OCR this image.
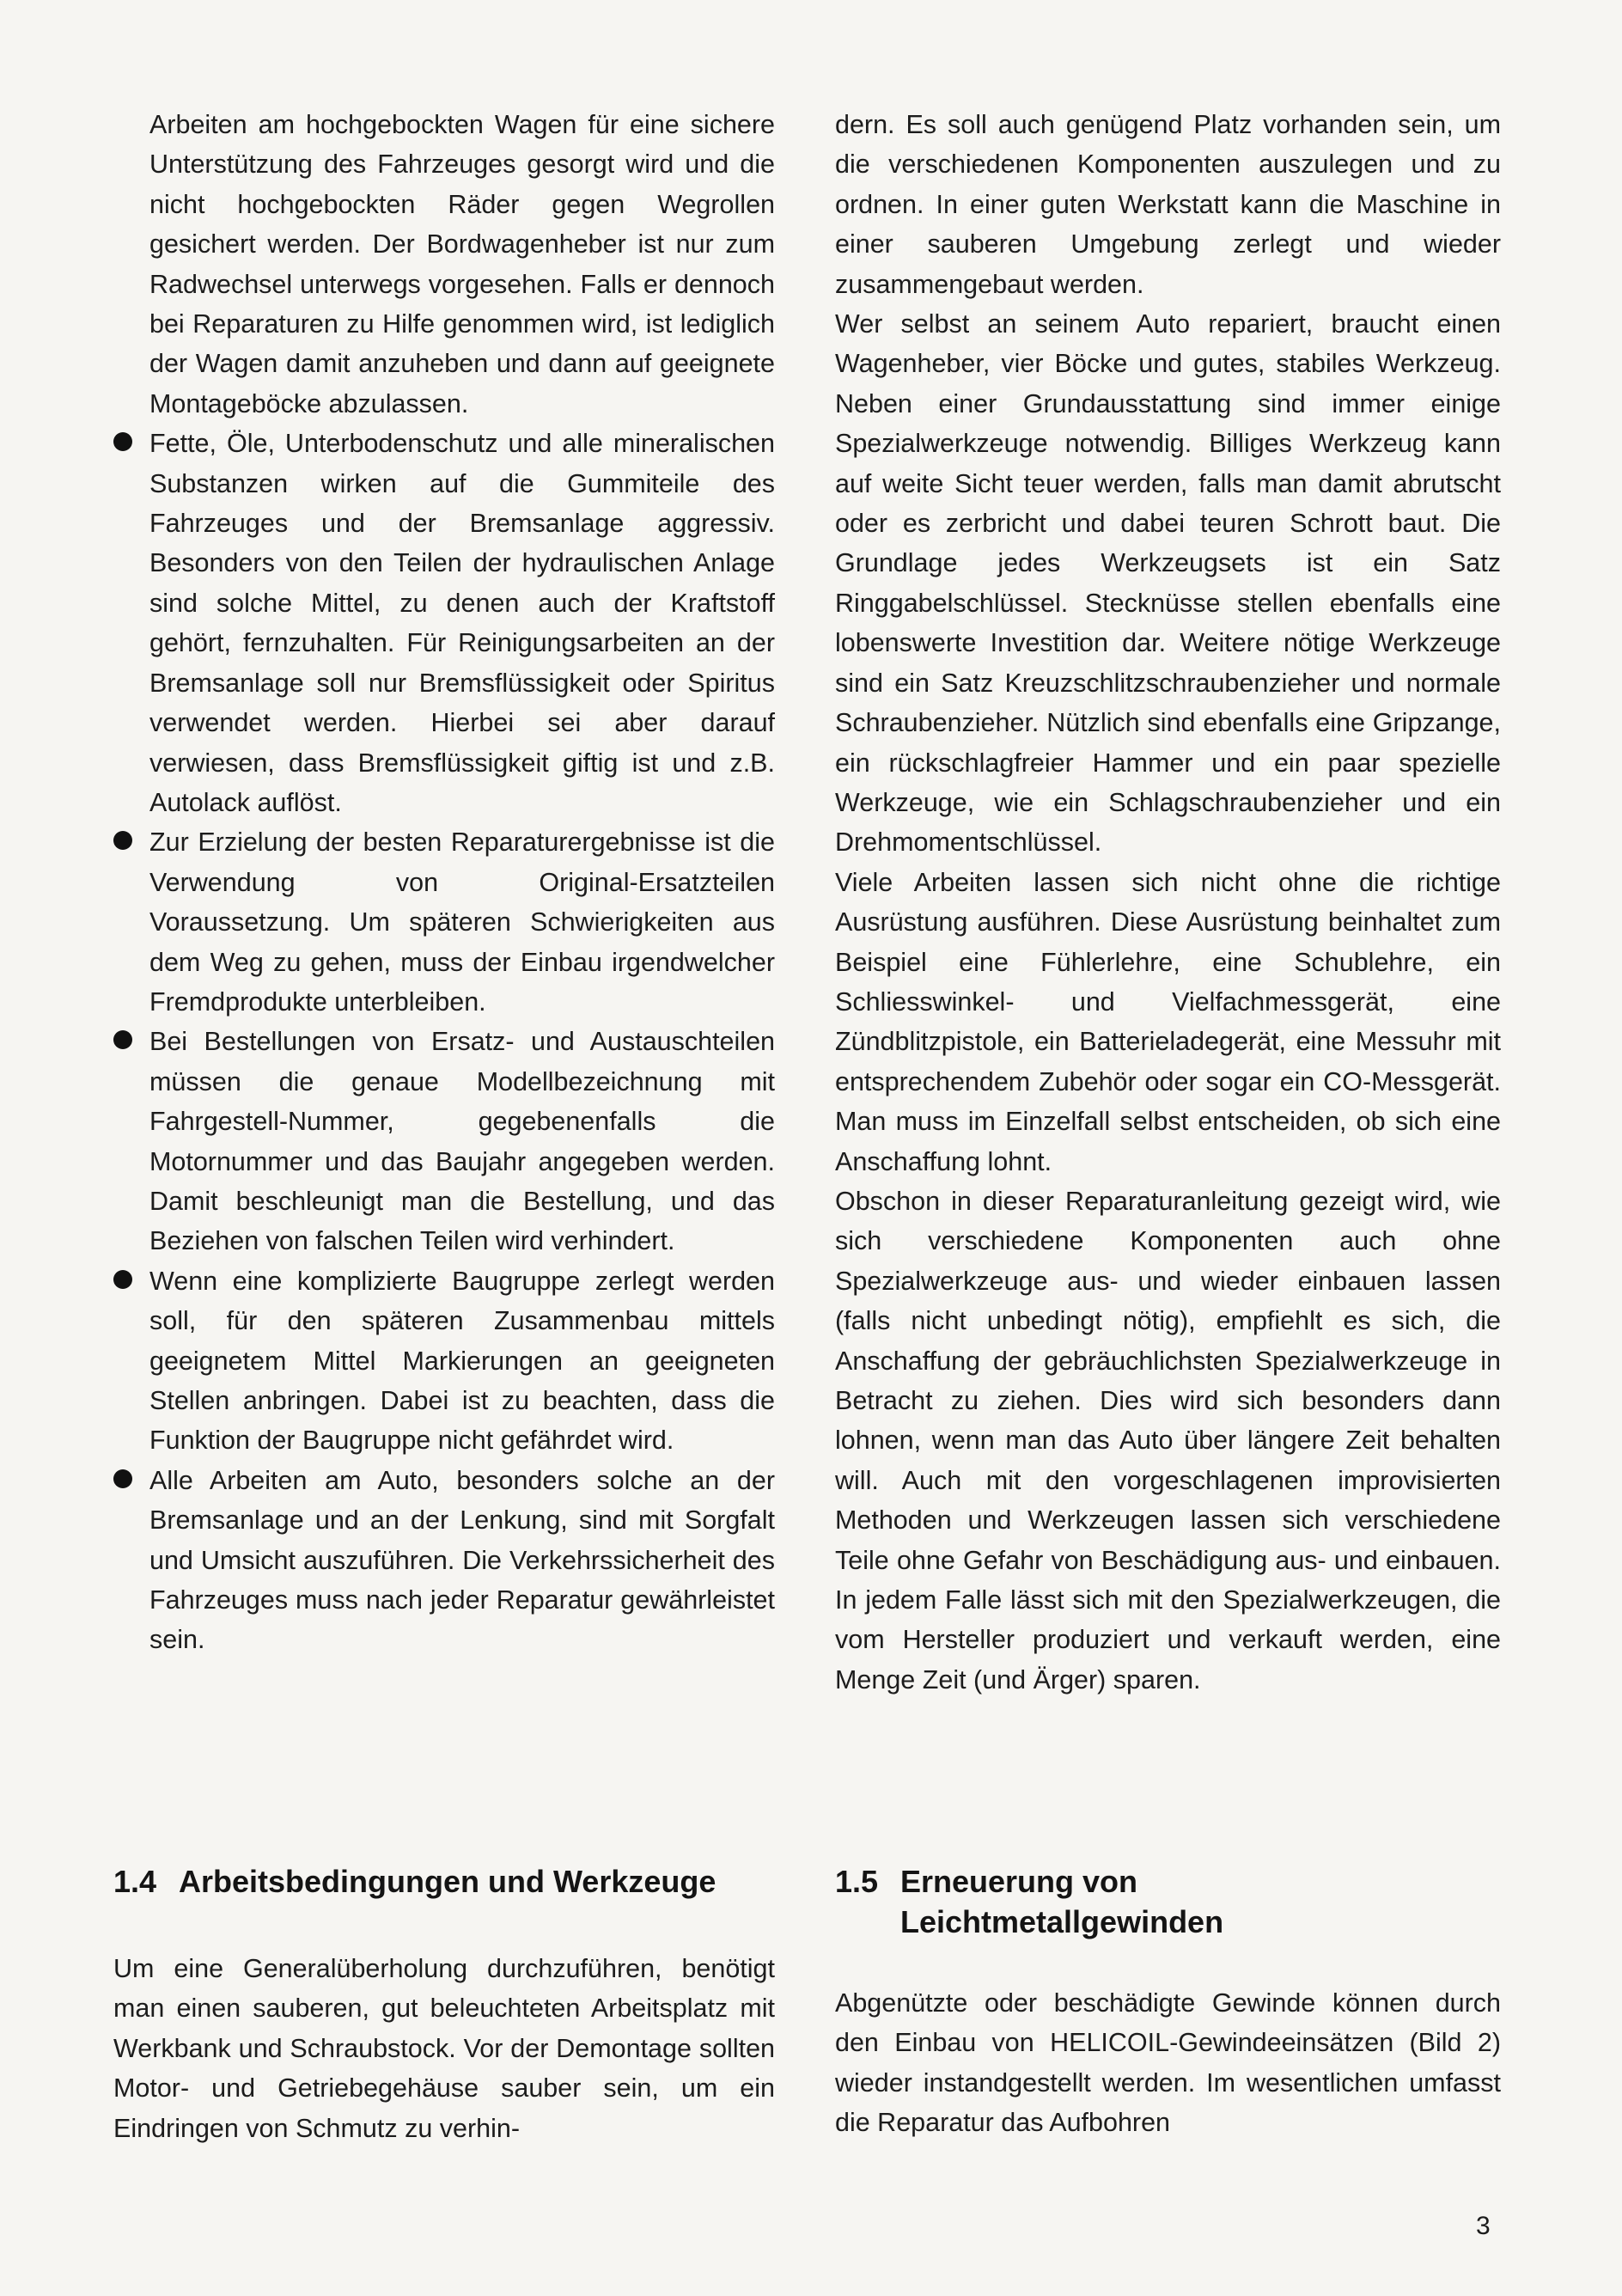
Arbeiten am hochgebockten Wagen für eine sichere Unterstützung des Fahrzeuges gesorgt wird und die nicht hochgebockten Räder gegen Wegrollen gesichert werden. Der Bordwagenheber ist nur zum Radwechsel unterwegs vorgesehen. Falls er dennoch bei Reparaturen zu Hilfe genommen wird, ist lediglich der Wagen damit anzuheben und dann auf geeignete Montageböcke abzulassen.

Fette, Öle, Unterbodenschutz und alle mineralischen Substanzen wirken auf die Gummiteile des Fahrzeuges und der Bremsanlage aggressiv. Besonders von den Teilen der hydraulischen Anlage sind solche Mittel, zu denen auch der Kraftstoff gehört, fernzuhalten. Für Reinigungsarbeiten an der Bremsanlage soll nur Bremsflüssigkeit oder Spiritus verwendet werden. Hierbei sei aber darauf verwiesen, dass Bremsflüssigkeit giftig ist und z.B. Autolack auflöst.
Zur Erzielung der besten Reparaturergebnisse ist die Verwendung von Original-Ersatzteilen Voraussetzung. Um späteren Schwierigkeiten aus dem Weg zu gehen, muss der Einbau irgendwelcher Fremdprodukte unterbleiben.
Bei Bestellungen von Ersatz- und Austauschteilen müssen die genaue Modellbezeichnung mit Fahrgestell-Nummer, gegebenenfalls die Motornummer und das Baujahr angegeben werden. Damit beschleunigt man die Bestellung, und das Beziehen von falschen Teilen wird verhindert.
Wenn eine komplizierte Baugruppe zerlegt werden soll, für den späteren Zusammenbau mittels geeignetem Mittel Markierungen an geeigneten Stellen anbringen. Dabei ist zu beachten, dass die Funktion der Baugruppe nicht gefährdet wird.
Alle Arbeiten am Auto, besonders solche an der Bremsanlage und an der Lenkung, sind mit Sorgfalt und Umsicht auszuführen. Die Verkehrssicherheit des Fahrzeuges muss nach jeder Reparatur gewährleistet sein.

dern. Es soll auch genügend Platz vorhanden sein, um die verschiedenen Komponenten auszulegen und zu ordnen. In einer guten Werkstatt kann die Maschine in einer sauberen Umgebung zerlegt und wieder zusammengebaut werden.

Wer selbst an seinem Auto repariert, braucht einen Wagenheber, vier Böcke und gutes, stabiles Werkzeug. Neben einer Grundausstattung sind immer einige Spezialwerkzeuge notwendig. Billiges Werkzeug kann auf weite Sicht teuer werden, falls man damit abrutscht oder es zerbricht und dabei teuren Schrott baut. Die Grundlage jedes Werkzeugsets ist ein Satz Ringgabelschlüssel. Stecknüsse stellen ebenfalls eine lobenswerte Investition dar. Weitere nötige Werkzeuge sind ein Satz Kreuzschlitzschraubenzieher und normale Schraubenzieher. Nützlich sind ebenfalls eine Gripzange, ein rückschlagfreier Hammer und ein paar spezielle Werkzeuge, wie ein Schlagschraubenzieher und ein Drehmomentschlüssel.

Viele Arbeiten lassen sich nicht ohne die richtige Ausrüstung ausführen. Diese Ausrüstung beinhaltet zum Beispiel eine Fühlerlehre, eine Schublehre, ein Schliesswinkel- und Vielfachmessgerät, eine Zündblitzpistole, ein Batterieladegerät, eine Messuhr mit entsprechendem Zubehör oder sogar ein CO-Messgerät. Man muss im Einzelfall selbst entscheiden, ob sich eine Anschaffung lohnt.

Obschon in dieser Reparaturanleitung gezeigt wird, wie sich verschiedene Komponenten auch ohne Spezialwerkzeuge aus- und wieder einbauen lassen (falls nicht unbedingt nötig), empfiehlt es sich, die Anschaffung der gebräuchlichsten Spezialwerkzeuge in Betracht zu ziehen. Dies wird sich besonders dann lohnen, wenn man das Auto über längere Zeit behalten will. Auch mit den vorgeschlagenen improvisierten Methoden und Werkzeugen lassen sich verschiedene Teile ohne Gefahr von Beschädigung aus- und einbauen. In jedem Falle lässt sich mit den Spezialwerkzeugen, die vom Hersteller produziert und verkauft werden, eine Menge Zeit (und Ärger) sparen.

1.4 Arbeitsbedingungen und Werkzeuge

Um eine Generalüberholung durchzuführen, benötigt man einen sauberen, gut beleuchteten Arbeitsplatz mit Werkbank und Schraubstock. Vor der Demontage sollten Motor- und Getriebegehäuse sauber sein, um ein Eindringen von Schmutz zu verhin-

1.5 Erneuerung von Leichtmetallgewinden

Abgenützte oder beschädigte Gewinde können durch den Einbau von HELICOIL-Gewindeeinsätzen (Bild 2) wieder instandgestellt werden. Im wesentlichen umfasst die Reparatur das Aufbohren

3
